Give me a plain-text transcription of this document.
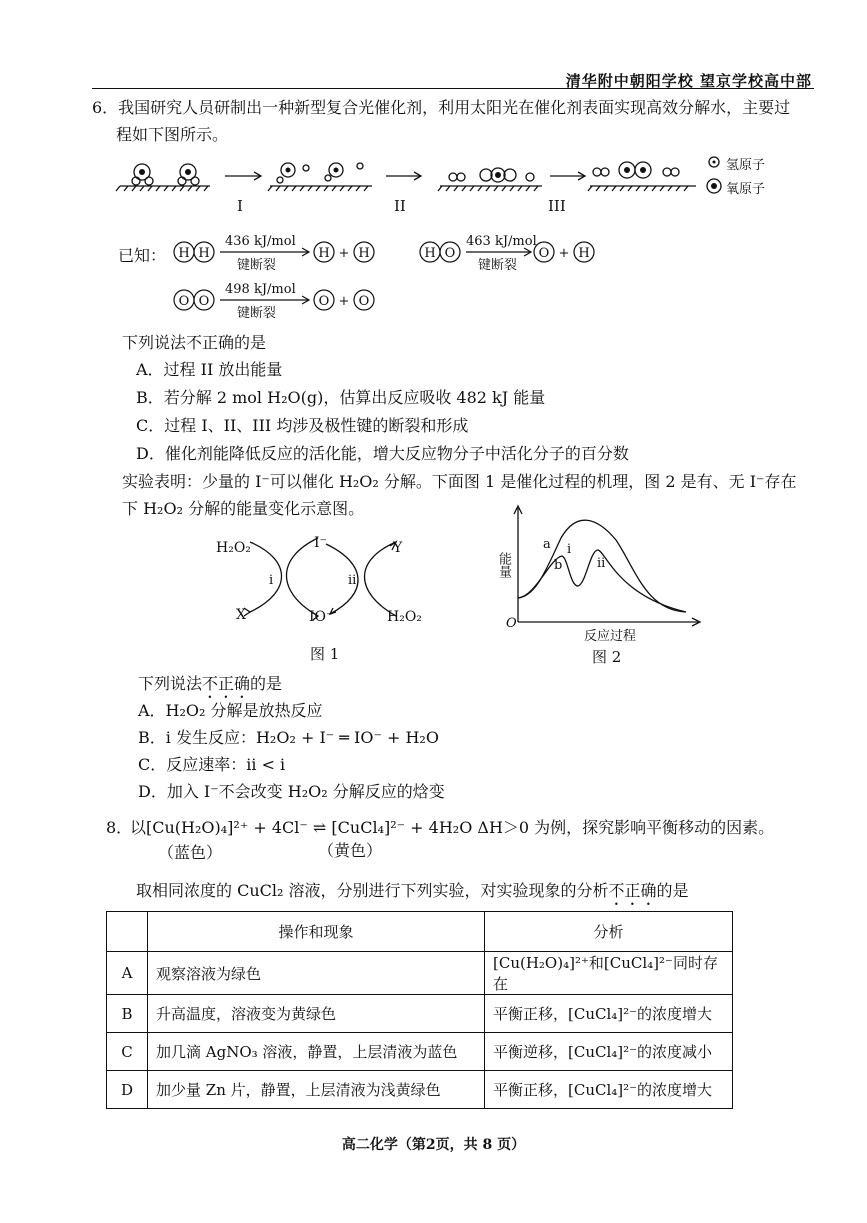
清华附中朝阳学校 望京学校高中部
6．我国研究人员研制出一种新型复合光催化剂，利用太阳光在催化剂表面实现高效分解水，主要过
程如下图所示。
I	II	III
氢原子
氧原子
已知： H H	H + H	H O	O + H
O O	O + O
436 kJ/mol
键断裂
463 kJ/mol
键断裂
498 kJ/mol
键断裂
下列说法不正确的是
A．过程 II 放出能量
B．若分解 2 mol H₂O(g)，估算出反应吸收 482 kJ 能量
C．过程 I、II、III 均涉及极性键的断裂和形成
D．催化剂能降低反应的活化能，增大反应物分子中活化分子的百分数
实验表明：少量的 I⁻可以催化 H₂O₂ 分解。下面图 1 是催化过程的机理，图 2 是有、无 I⁻存在
下 H₂O₂ 分解的能量变化示意图。
H₂O₂	I⁻	Y
i	ii
X	IO⁻	H₂O₂
图 1
能量
O
a
b
i
ii
反应过程
图 2
下列说法不正确的是
A．H₂O₂ 分解是放热反应
B．i 发生反应：H₂O₂ + I⁻ ═ IO⁻ + H₂O
C．反应速率：ii < i
D．加入 I⁻不会改变 H₂O₂ 分解反应的焓变
8．
以[Cu(H₂O)₄]²⁺ + 4Cl⁻ ⇌ [CuCl₄]²⁻ + 4H₂O ΔH＞0 为例，探究影响平衡移动的因素。
（蓝色）	（黄色）
取相同浓度的 CuCl₂ 溶液，分别进行下列实验，对实验现象的分析不正确的是
	操作和现象	分析
A	观察溶液为绿色	[Cu(H₂O)₄]²⁺和[CuCl₄]²⁻同时存在
B	升高温度，溶液变为黄绿色	平衡正移，[CuCl₄]²⁻的浓度增大
C	加几滴 AgNO₃ 溶液，静置，上层清液为蓝色	平衡逆移，[CuCl₄]²⁻的浓度减小
D	加少量 Zn 片，静置，上层清液为浅黄绿色	平衡正移，[CuCl₄]²⁻的浓度增大
高二化学（第2页，共 8 页）
